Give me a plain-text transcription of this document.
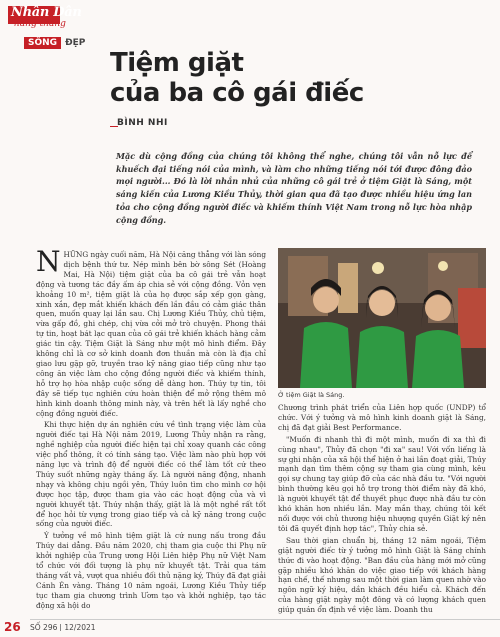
Nhân Dân
hằng tháng
SỐNG ĐẸP
Tiệm giặt
của ba cô gái điếc
BÌNH NHI
Mặc dù cộng đồng của chúng tôi không thể nghe, chúng tôi vẫn nỗ lực để khuếch đại tiếng nói của mình, và làm cho những tiếng nói tới được đông đảo mọi người... Đó là lời nhắn nhủ của những cô gái trẻ ở tiệm Giặt là Sáng, một sáng kiến của Lương Kiều Thủy, thời gian qua đã tạo được nhiều hiệu ứng lan tỏa cho cộng đồng người điếc và khiếm thính Việt Nam trong nỗ lực hòa nhập cộng đồng.

NHỮNG ngày cuối năm, Hà Nội căng thẳng với làn sóng dịch bệnh thứ tư. Nép mình bên bờ sông Sét (Hoàng Mai, Hà Nội) tiệm giặt của ba cô gái trẻ vẫn hoạt động và tương tác đầy ấm áp chia sẻ với cộng đồng. Vỏn vẹn khoảng 10 m², tiệm giặt là của họ được sắp xếp gọn gàng, xinh xắn, đẹp mắt khiến khách đến lần đầu có cảm giác thân quen, muốn quay lại lần sau. Chị Lương Kiều Thủy, chủ tiệm, vừa gấp đồ, ghi chép, chị vừa cởi mở trò chuyện. Phong thái tự tin, hoạt bát lạc quan của cô gái trẻ khiến khách hàng cảm giác tin cậy. Tiệm Giặt là Sáng như một mô hình điểm. Đây không chỉ là cơ sở kinh doanh đơn thuần mà còn là địa chỉ giao lưu gặp gỡ, truyền trao kỹ năng giao tiếp cũng như tạo công ăn việc làm cho cộng đồng người điếc và khiếm thính, hỗ trợ họ hòa nhập cuộc sống dễ dàng hơn. Thúy tự tin, tôi đây sẽ tiếp tục nghiên cứu hoàn thiện để mở rộng thêm mô hình kinh doanh thông minh này, và trên hết là lấy nghề cho cộng đồng người điếc.

Khi thực hiện dự án nghiên cứu về tình trạng việc làm của người điếc tại Hà Nội năm 2019, Lương Thủy nhận ra rằng, nghề nghiệp của người điếc hiện tại chỉ xoay quanh các công việc phổ thông, ít có tính sáng tạo. Việc làm nào phù hợp với năng lực và trình độ để người điếc có thể làm tốt cứ theo Thúy suốt những ngày tháng ấy. Là người năng động, nhanh nhạy và không chịu ngồi yên, Thúy luôn tìm cho mình cơ hội được học tập, được tham gia vào các hoạt động của và vì người khuyết tật. Thúy nhận thấy, giặt là là một nghề rất tốt để học hỏi từ vựng trong giao tiếp và cả kỹ năng trong cuộc sống của người điếc.

Ý tưởng về mô hình tiệm giặt là cứ nung nấu trong đầu Thúy dai dẳng. Đầu năm 2020, chị tham gia cuộc thi Phụ nữ khởi nghiệp của Trung ương Hội Liên hiệp Phụ nữ Việt Nam tổ chức với đối tượng là phụ nữ khuyết tật. Trải qua tám tháng vất vả, vượt qua nhiều đối thủ nặng ký, Thúy đã đạt giải Cánh Én vàng. Tháng 10 năm ngoái, Lương Kiều Thủy tiếp tục tham gia chương trình Ươm tạo và khởi nghiệp, tạo tác động xã hội do

Ở tiệm Giặt là Sáng.

Chương trình phát triển của Liên hợp quốc (UNDP) tổ chức. Với ý tưởng và mô hình kinh doanh giặt là Sáng, chị đã đạt giải Best Performance.

"Muốn đi nhanh thì đi một mình, muốn đi xa thì đi cùng nhau", Thủy đã chọn "đi xa" sau! Với vốn liếng là sự ghi nhận của xã hội thể hiện ở hai lần đoạt giải, Thúy mạnh dạn tìm thêm cộng sự tham gia cùng mình, kêu gọi sự chung tay giúp đỡ của các nhà đầu tư. "Với người bình thường kêu gọi hỗ trợ trong thời điểm này đã khó, là người khuyết tật để thuyết phục được nhà đầu tư còn khó khăn hơn nhiều lần. May mắn thay, chúng tôi kết nối được với chủ thương hiệu nhượng quyền Giặt ký nên tôi đã quyết định hợp tác", Thủy chia sẻ.

Sau thời gian chuẩn bị, tháng 12 năm ngoái, Tiệm giặt người điếc từ ý tưởng mô hình Giặt là Sáng chính thức đi vào hoạt động. "Ban đầu của hàng mới mở cũng gặp nhiều khó khăn do việc giao tiếp với khách hàng hạn chế, thế nhưng sau một thời gian làm quen nhờ vào ngôn ngữ ký hiệu, dần khách đều hiểu cả. Khách đến của hàng giặt ngày một đông và có lượng khách quen giúp quán ổn định về việc làm. Doanh thu

26 SỐ 296 12/2021
